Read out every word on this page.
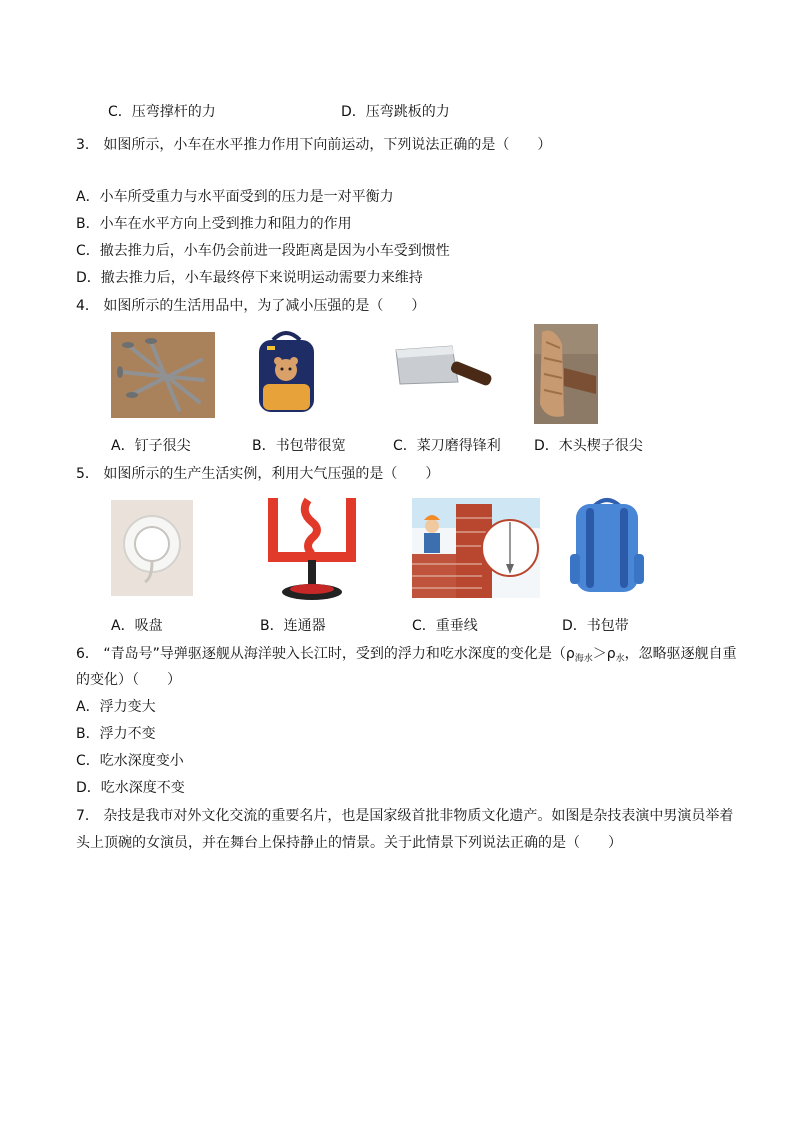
C．压弯撑杆的力	D．压弯跳板的力
3． 如图所示，小车在水平推力作用下向前运动，下列说法正确的是（　　）
A．小车所受重力与水平面受到的压力是一对平衡力
B．小车在水平方向上受到推力和阻力的作用
C．撤去推力后，小车仍会前进一段距离是因为小车受到惯性
D．撤去推力后，小车最终停下来说明运动需要力来维持
4． 如图所示的生活用品中，为了减小压强的是（　　）
A．钉子很尖	B．书包带很宽	C．菜刀磨得锋利 D．木头楔子很尖
5． 如图所示的生产生活实例，利用大气压强的是（　　）
A．吸盘	B．连通器	C．重垂线	D．书包带
6． “青岛号”导弹驱逐舰从海洋驶入长江时，受到的浮力和吃水深度的变化是（$\rho_{海水}>\rho_水$，忽略驱逐舰自重
的变化）（　　）
A．浮力变大
B．浮力不变
C．吃水深度变小
D．吃水深度不变
7． 杂技是我市对外文化交流的重要名片，也是国家级首批非物质文化遗产。如图是杂技表演中男演员举着
头上顶碗的女演员，并在舞台上保持静止的情景。关于此情景下列说法正确的是（　　）
